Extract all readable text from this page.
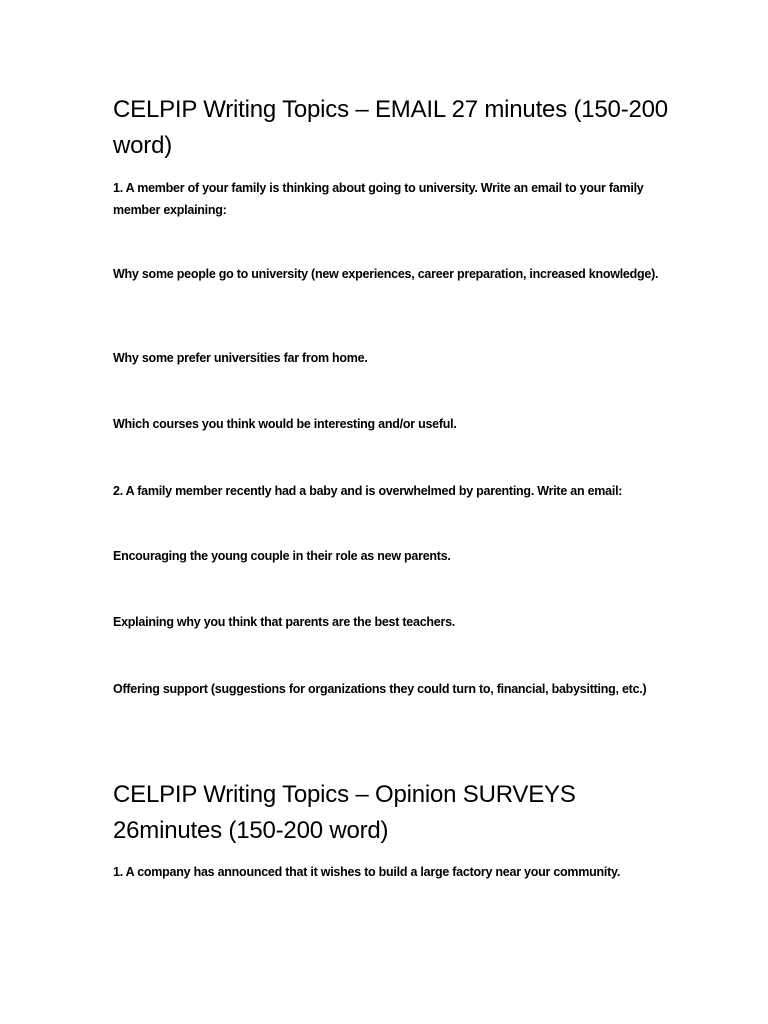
CELPIP Writing Topics – EMAIL 27 minutes (150-200 word)

1. A member of your family is thinking about going to university. Write an email to your family member explaining:

Why some people go to university (new experiences, career preparation, increased knowledge).

Why some prefer universities far from home.

Which courses you think would be interesting and/or useful.

2. A family member recently had a baby and is overwhelmed by parenting. Write an email:

Encouraging the young couple in their role as new parents.

Explaining why you think that parents are the best teachers.

Offering support (suggestions for organizations they could turn to, financial, babysitting, etc.)

CELPIP Writing Topics – Opinion SURVEYS 26minutes (150-200 word)

1. A company has announced that it wishes to build a large factory near your community.
